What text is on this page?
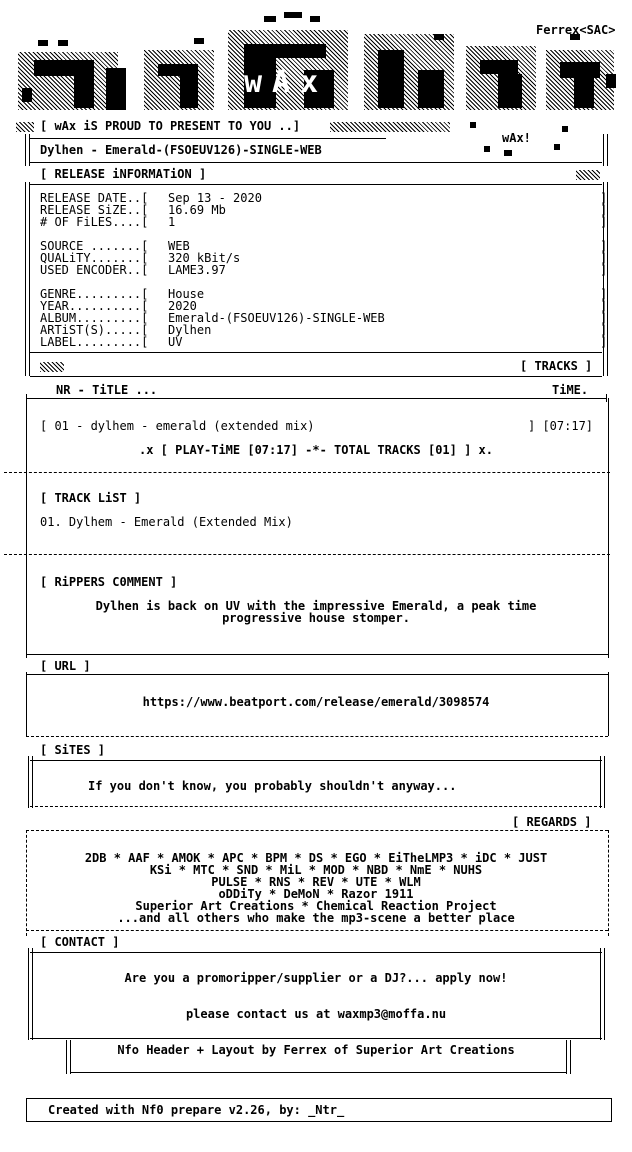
wAx
Ferrex<SAC>
wAx!
[ wAx iS PROUD TO PRESENT TO YOU ..]
Dylhen - Emerald-(FSOEUV126)-SINGLE-WEB
[ RELEASE iNFORMATiON ]
RELEASE DATE..[ Sep 13 - 2020	]
RELEASE SiZE..[ 16.69 Mb	]
# OF FiLES....[ 1	]
SOURCE .......[ WEB	]
QUALiTY.......[ 320 kBit/s	]
USED ENCODER..[ LAME3.97	]
GENRE.........[ House	]
YEAR..........[ 2020	]
ALBUM.........[ Emerald-(FSOEUV126)-SINGLE-WEB	]
ARTiST(S).....[ Dylhen	]
LABEL.........[ UV	]
[ TRACKS ]
NR - TiTLE ...	TiME.
[ 01 - dylhem - emerald (extended mix)	] [07:17]
.x [ PLAY-TiME [07:17] -*- TOTAL TRACKS [01] ] x.
[ TRACK LiST ]
01. Dylhem - Emerald (Extended Mix)
[ RiPPERS C0MMENT ]
Dylhen is back on UV with the impressive Emerald, a peak time
progressive house stomper.
[ URL ]
https://www.beatport.com/release/emerald/3098574
[ SiTES ]
If you don't know, you probably shouldn't anyway...
[ REGARDS ]
2DB * AAF * AMOK * APC * BPM * DS * EGO * EiTheLMP3 * iDC * JUST
KSi * MTC * SND * MiL * MOD * NBD * NmE * NUHS
PULSE * RNS * REV * UTE * WLM
oDDiTy * DeMoN * Razor 1911
Superior Art Creations * Chemical Reaction Project
...and all others who make the mp3-scene a better place
[ CONTACT ]
Are you a promoripper/supplier or a DJ?... apply now!
please contact us at waxmp3@moffa.nu
Nfo Header + Layout by Ferrex of Superior Art Creations
Created with Nf0 prepare v2.26, by: _Ntr_
